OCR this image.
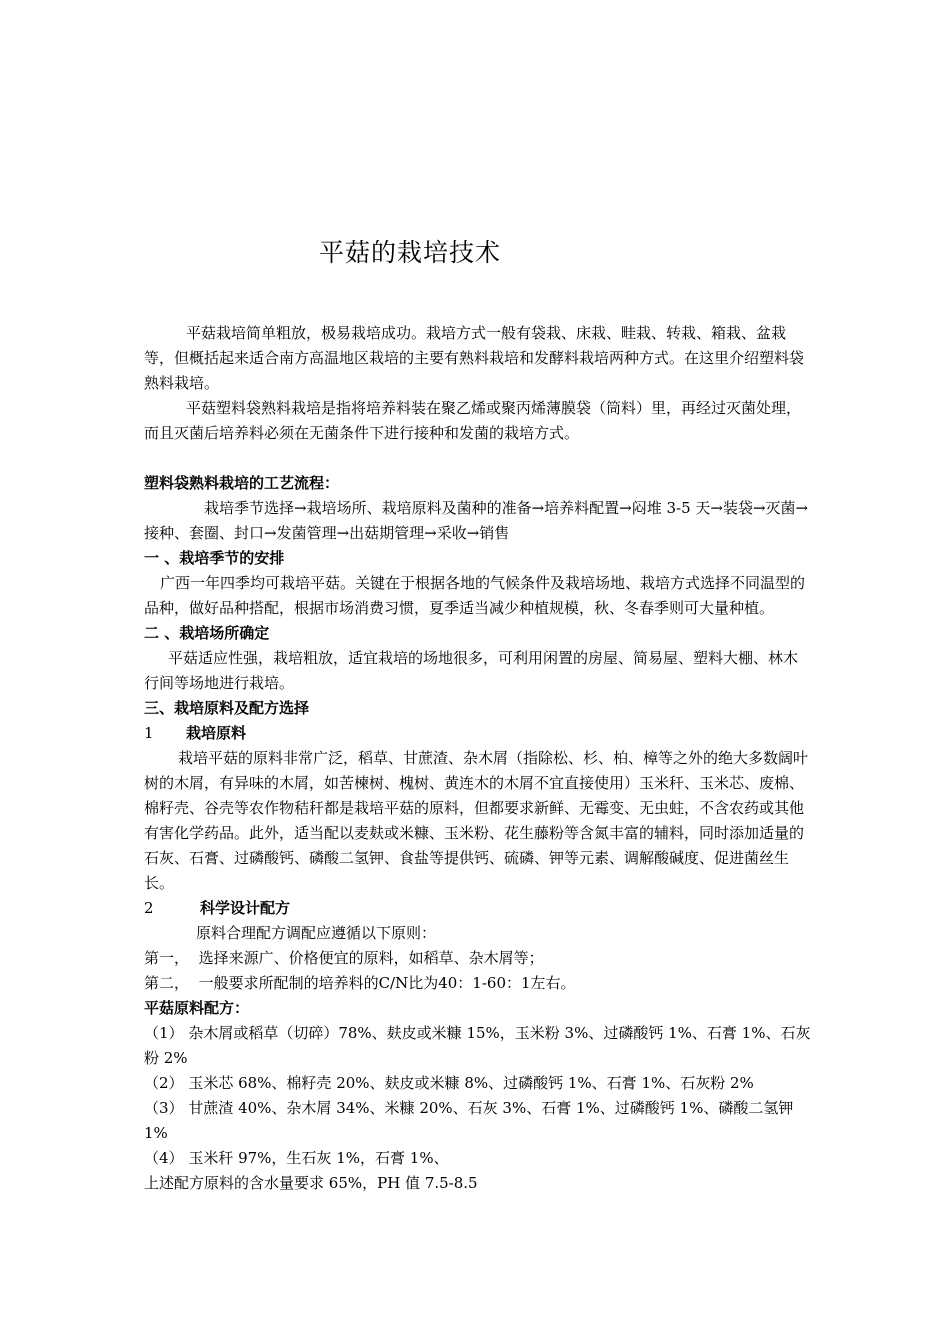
平菇的栽培技术

平菇栽培简单粗放，极易栽培成功。栽培方式一般有袋栽、床栽、畦栽、转栽、箱栽、盆栽等，但概括起来适合南方高温地区栽培的主要有熟料栽培和发酵料栽培两种方式。在这里介绍塑料袋熟料栽培。

平菇塑料袋熟料栽培是指将培养料装在聚乙烯或聚丙烯薄膜袋（筒料）里，再经过灭菌处理，而且灭菌后培养料必须在无菌条件下进行接种和发菌的栽培方式。

塑料袋熟料栽培的工艺流程：

栽培季节选择→栽培场所、栽培原料及菌种的准备→培养料配置→闷堆 3-5 天→装袋→灭菌→接种、套圈、封口→发菌管理→出菇期管理→采收→销售

一 、栽培季节的安排

广西一年四季均可栽培平菇。关键在于根据各地的气候条件及栽培场地、栽培方式选择不同温型的品种，做好品种搭配，根据市场消费习惯，夏季适当减少种植规模，秋、冬春季则可大量种植。

二 、栽培场所确定

平菇适应性强，栽培粗放，适宜栽培的场地很多，可利用闲置的房屋、简易屋、塑料大棚、林木行间等场地进行栽培。

三、栽培原料及配方选择

1 栽培原料

栽培平菇的原料非常广泛，稻草、甘蔗渣、杂木屑（指除松、杉、柏、樟等之外的绝大多数阔叶树的木屑，有异味的木屑，如苦楝树、槐树、黄连木的木屑不宜直接使用）玉米秆、玉米芯、废棉、棉籽壳、谷壳等农作物秸秆都是栽培平菇的原料，但都要求新鲜、无霉变、无虫蛀，不含农药或其他有害化学药品。此外，适当配以麦麸或米糠、玉米粉、花生藤粉等含氮丰富的辅料，同时添加适量的石灰、石膏、过磷酸钙、磷酸二氢钾、食盐等提供钙、硫磷、钾等元素、调解酸碱度、促进菌丝生长。

2	科学设计配方

原料合理配方调配应遵循以下原则：

第一， 选择来源广、价格便宜的原料，如稻草、杂木屑等；

第二， 一般要求所配制的培养料的C/N比为40：1-60：1左右。

平菇原料配方：

（1） 杂木屑或稻草（切碎）78%、麸皮或米糠 15%，玉米粉 3%、过磷酸钙 1%、石膏 1%、石灰粉 2%

（2） 玉米芯 68%、棉籽壳 20%、麸皮或米糠 8%、过磷酸钙 1%、石膏 1%、石灰粉 2%

（3） 甘蔗渣 40%、杂木屑 34%、米糠 20%、石灰 3%、石膏 1%、过磷酸钙 1%、磷酸二氢钾 1%

（4） 玉米秆 97%，生石灰 1%，石膏 1%、

上述配方原料的含水量要求 65%，PH 值 7.5-8.5
